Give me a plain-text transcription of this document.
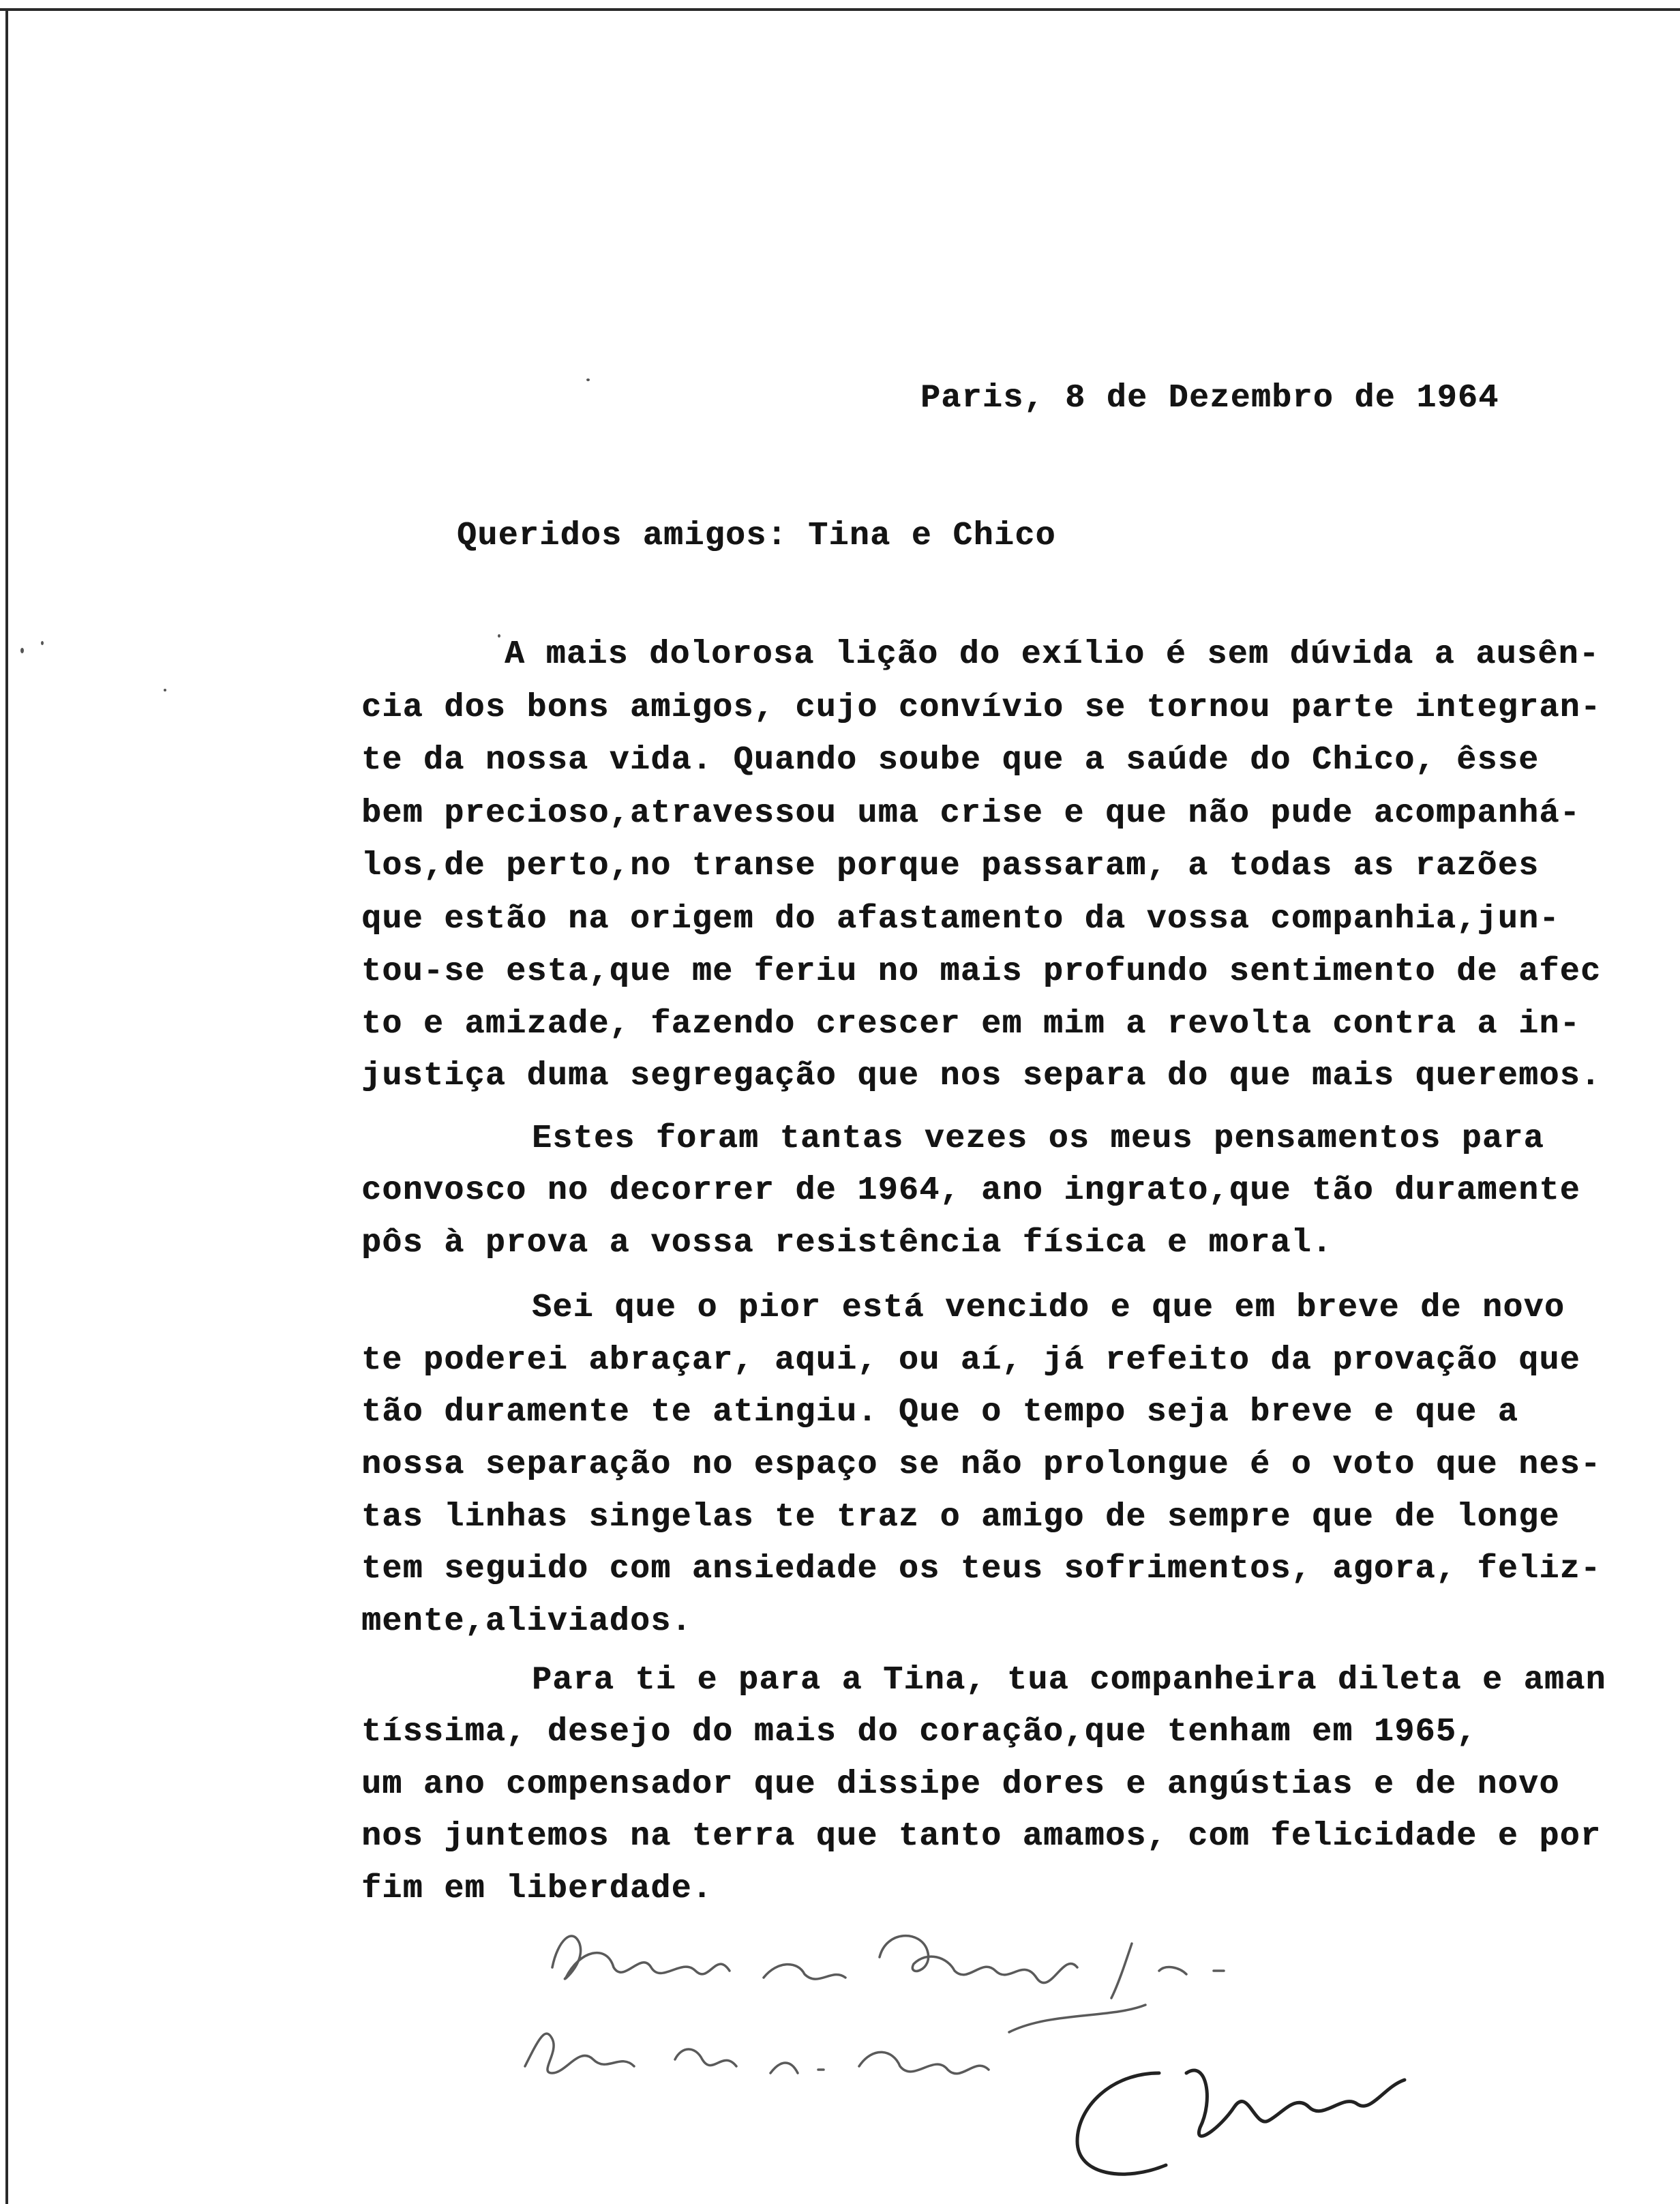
Paris, 8 de Dezembro de 1964
Queridos amigos: Tina e Chico
A mais dolorosa lição do exílio é sem dúvida a ausên-
cia dos bons amigos, cujo convívio se tornou parte integran-
te da nossa vida. Quando soube que a saúde do Chico, êsse
bem precioso,atravessou uma crise e que não pude acompanhá-
los,de perto,no transe porque passaram, a todas as razões
que estão na origem do afastamento da vossa companhia,jun-
tou-se esta,que me feriu no mais profundo sentimento de afec
to e amizade, fazendo crescer em mim a revolta contra a in-
justiça duma segregação que nos separa do que mais queremos.
Estes foram tantas vezes os meus pensamentos para
convosco no decorrer de 1964, ano ingrato,que tão duramente
pôs à prova a vossa resistência física e moral.
Sei que o pior está vencido e que em breve de novo
te poderei abraçar, aqui, ou aí, já refeito da provação que
tão duramente te atingiu. Que o tempo seja breve e que a
nossa separação no espaço se não prolongue é o voto que nes-
tas linhas singelas te traz o amigo de sempre que de longe
tem seguido com ansiedade os teus sofrimentos, agora, feliz-
mente,aliviados.
Para ti e para a Tina, tua companheira dileta e aman
tíssima, desejo do mais do coração,que tenham em 1965,
um ano compensador que dissipe dores e angústias e de novo
nos juntemos na terra que tanto amamos, com felicidade e por
fim em liberdade.
